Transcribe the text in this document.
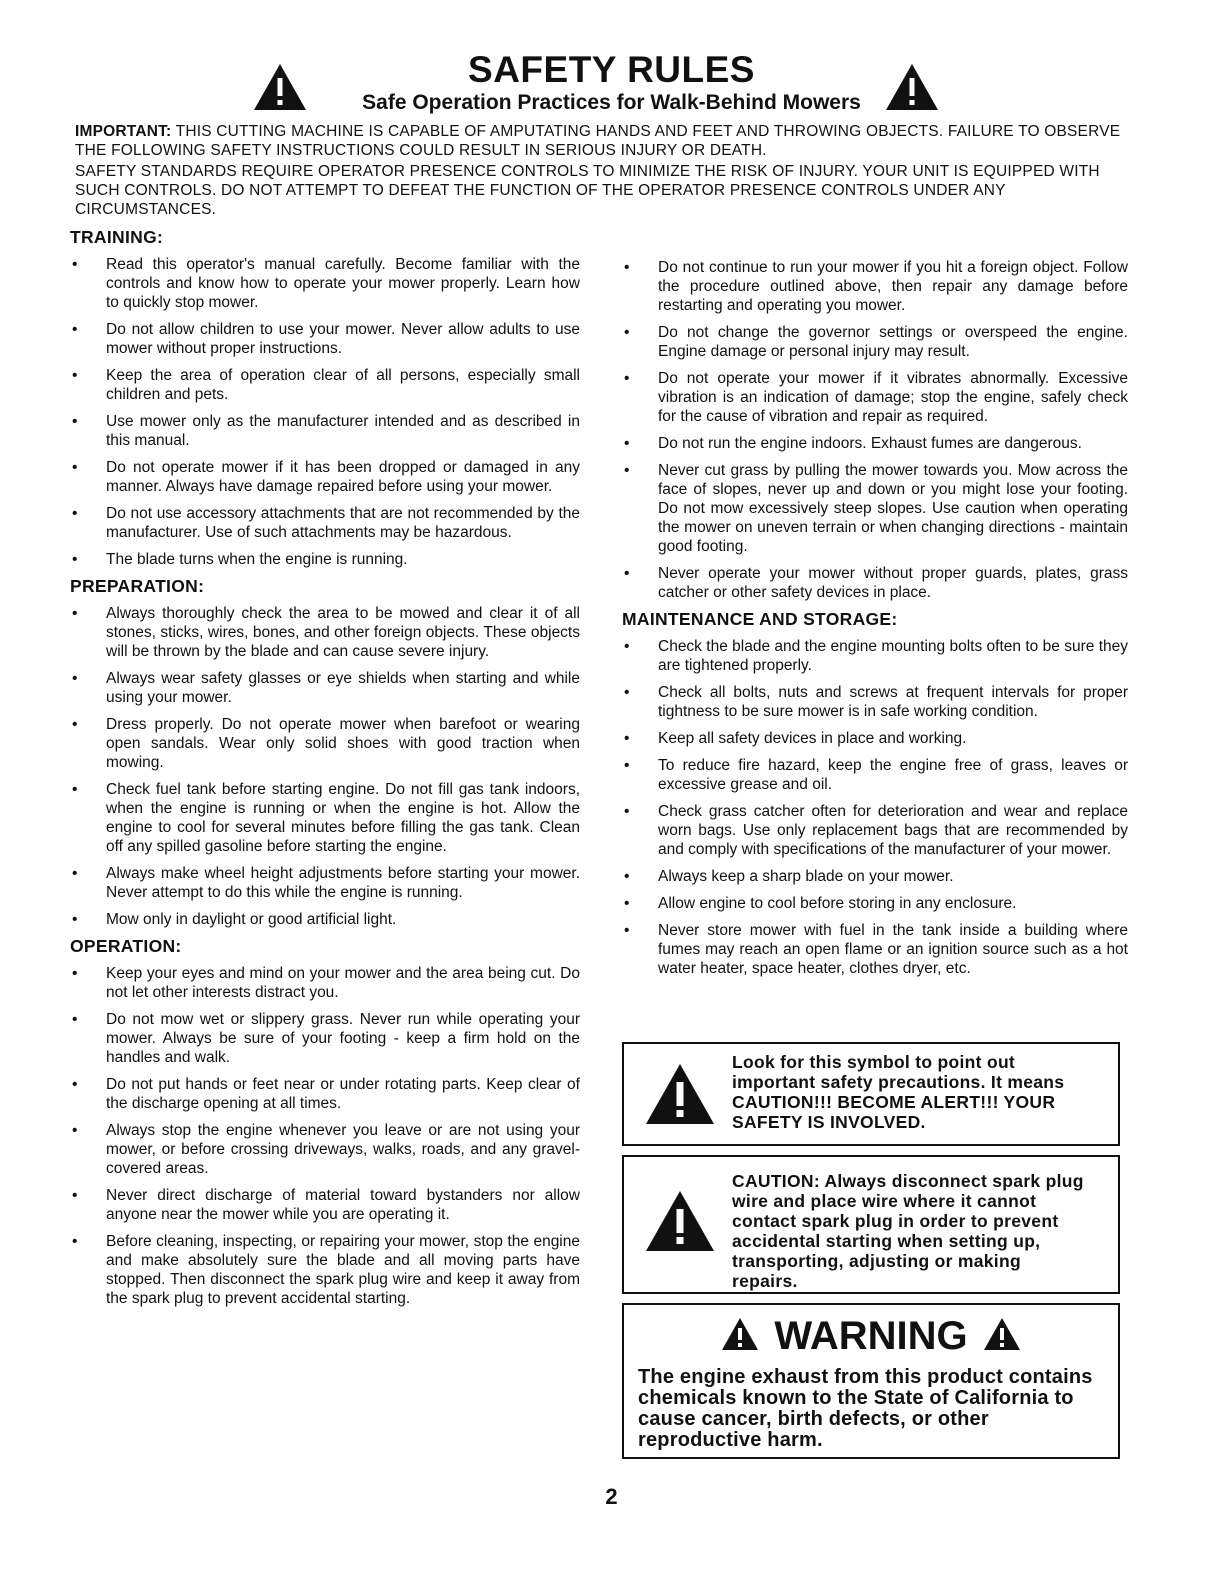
SAFETY RULES
Safe Operation Practices for Walk-Behind Mowers
IMPORTANT: THIS CUTTING MACHINE IS CAPABLE OF AMPUTATING HANDS AND FEET AND THROWING OBJECTS. FAILURE TO OBSERVE THE FOLLOWING SAFETY INSTRUCTIONS COULD RESULT IN SERIOUS INJURY OR DEATH.
SAFETY STANDARDS REQUIRE OPERATOR PRESENCE CONTROLS TO MINIMIZE THE RISK OF INJURY. YOUR UNIT IS EQUIPPED WITH SUCH CONTROLS. DO NOT ATTEMPT TO DEFEAT THE FUNCTION OF THE OPERATOR PRESENCE CONTROLS UNDER ANY CIRCUMSTANCES.
TRAINING:
• Read this operator's manual carefully. Become familiar with the controls and know how to operate your mower properly. Learn how to quickly stop mower.
• Do not allow children to use your mower. Never allow adults to use mower without proper instructions.
• Keep the area of operation clear of all persons, especially small children and pets.
• Use mower only as the manufacturer intended and as described in this manual.
• Do not operate mower if it has been dropped or damaged in any manner. Always have damage repaired before using your mower.
• Do not use accessory attachments that are not recommended by the manufacturer. Use of such attachments may be hazardous.
• The blade turns when the engine is running.
PREPARATION:
• Always thoroughly check the area to be mowed and clear it of all stones, sticks, wires, bones, and other foreign objects. These objects will be thrown by the blade and can cause severe injury.
• Always wear safety glasses or eye shields when starting and while using your mower.
• Dress properly. Do not operate mower when barefoot or wearing open sandals. Wear only solid shoes with good traction when mowing.
• Check fuel tank before starting engine. Do not fill gas tank indoors, when the engine is running or when the engine is hot. Allow the engine to cool for several minutes before filling the gas tank. Clean off any spilled gasoline before starting the engine.
• Always make wheel height adjustments before starting your mower. Never attempt to do this while the engine is running.
• Mow only in daylight or good artificial light.
OPERATION:
• Keep your eyes and mind on your mower and the area being cut. Do not let other interests distract you.
• Do not mow wet or slippery grass. Never run while operating your mower. Always be sure of your footing - keep a firm hold on the handles and walk.
• Do not put hands or feet near or under rotating parts. Keep clear of the discharge opening at all times.
• Always stop the engine whenever you leave or are not using your mower, or before crossing driveways, walks, roads, and any gravel-covered areas.
• Never direct discharge of material toward bystanders nor allow anyone near the mower while you are operating it.
• Before cleaning, inspecting, or repairing your mower, stop the engine and make absolutely sure the blade and all moving parts have stopped. Then disconnect the spark plug wire and keep it away from the spark plug to prevent accidental starting.
• Do not continue to run your mower if you hit a foreign object. Follow the procedure outlined above, then repair any damage before restarting and operating you mower.
• Do not change the governor settings or overspeed the engine. Engine damage or personal injury may result.
• Do not operate your mower if it vibrates abnormally. Excessive vibration is an indication of damage; stop the engine, safely check for the cause of vibration and repair as required.
• Do not run the engine indoors. Exhaust fumes are dangerous.
• Never cut grass by pulling the mower towards you. Mow across the face of slopes, never up and down or you might lose your footing. Do not mow excessively steep slopes. Use caution when operating the mower on uneven terrain or when changing directions - maintain good footing.
• Never operate your mower without proper guards, plates, grass catcher or other safety devices in place.
MAINTENANCE AND STORAGE:
• Check the blade and the engine mounting bolts often to be sure they are tightened properly.
• Check all bolts, nuts and screws at frequent intervals for proper tightness to be sure mower is in safe working condition.
• Keep all safety devices in place and working.
• To reduce fire hazard, keep the engine free of grass, leaves or excessive grease and oil.
• Check grass catcher often for deterioration and wear and replace worn bags. Use only replacement bags that are recommended by and comply with specifications of the manufacturer of your mower.
• Always keep a sharp blade on your mower.
• Allow engine to cool before storing in any enclosure.
• Never store mower with fuel in the tank inside a building where fumes may reach an open flame or an ignition source such as a hot water heater, space heater, clothes dryer, etc.
Look for this symbol to point out important safety precautions. It means CAUTION!!! BECOME ALERT!!! YOUR SAFETY IS INVOLVED.
CAUTION: Always disconnect spark plug wire and place wire where it cannot contact spark plug in order to prevent accidental starting when setting up, transporting, adjusting or making repairs.
WARNING
The engine exhaust from this product contains chemicals known to the State of California to cause cancer, birth defects, or other reproductive harm.
2
